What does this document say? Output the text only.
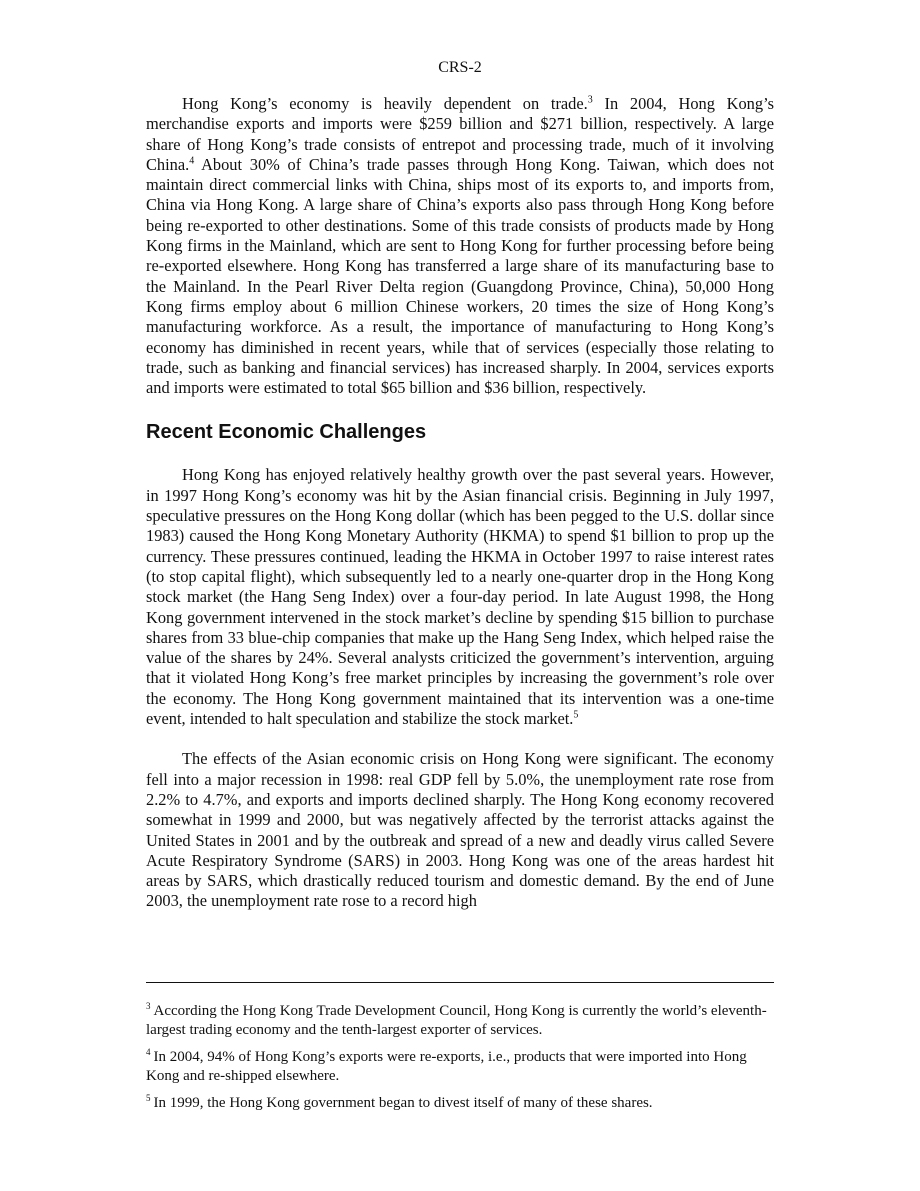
CRS-2

Hong Kong’s economy is heavily dependent on trade.$^3$ In 2004, Hong Kong’s merchandise exports and imports were $259 billion and $271 billion, respectively. A large share of Hong Kong’s trade consists of entrepot and processing trade, much of it involving China.$^4$ About 30% of China’s trade passes through Hong Kong. Taiwan, which does not maintain direct commercial links with China, ships most of its exports to, and imports from, China via Hong Kong. A large share of China’s exports also pass through Hong Kong before being re-exported to other destinations. Some of this trade consists of products made by Hong Kong firms in the Mainland, which are sent to Hong Kong for further processing before being re-exported elsewhere. Hong Kong has transferred a large share of its manufacturing base to the Mainland. In the Pearl River Delta region (Guangdong Province, China), 50,000 Hong Kong firms employ about 6 million Chinese workers, 20 times the size of Hong Kong’s manufacturing workforce. As a result, the importance of manufacturing to Hong Kong’s economy has diminished in recent years, while that of services (especially those relating to trade, such as banking and financial services) has increased sharply. In 2004, services exports and imports were estimated to total $65 billion and $36 billion, respectively.

Recent Economic Challenges

Hong Kong has enjoyed relatively healthy growth over the past several years. However, in 1997 Hong Kong’s economy was hit by the Asian financial crisis. Beginning in July 1997, speculative pressures on the Hong Kong dollar (which has been pegged to the U.S. dollar since 1983) caused the Hong Kong Monetary Authority (HKMA) to spend $1 billion to prop up the currency. These pressures continued, leading the HKMA in October 1997 to raise interest rates (to stop capital flight), which subsequently led to a nearly one-quarter drop in the Hong Kong stock market (the Hang Seng Index) over a four-day period. In late August 1998, the Hong Kong government intervened in the stock market’s decline by spending $15 billion to purchase shares from 33 blue-chip companies that make up the Hang Seng Index, which helped raise the value of the shares by 24%. Several analysts criticized the government’s intervention, arguing that it violated Hong Kong’s free market principles by increasing the government’s role over the economy. The Hong Kong government maintained that its intervention was a one-time event, intended to halt speculation and stabilize the stock market.$^5$

The effects of the Asian economic crisis on Hong Kong were significant. The economy fell into a major recession in 1998: real GDP fell by 5.0%, the unemployment rate rose from 2.2% to 4.7%, and exports and imports declined sharply. The Hong Kong economy recovered somewhat in 1999 and 2000, but was negatively affected by the terrorist attacks against the United States in 2001 and by the outbreak and spread of a new and deadly virus called Severe Acute Respiratory Syndrome (SARS) in 2003. Hong Kong was one of the areas hardest hit areas by SARS, which drastically reduced tourism and domestic demand. By the end of June 2003, the unemployment rate rose to a record high

$^3$ According the Hong Kong Trade Development Council, Hong Kong is currently the world’s eleventh-largest trading economy and the tenth-largest exporter of services.

$^4$ In 2004, 94% of Hong Kong’s exports were re-exports, i.e., products that were imported into Hong Kong and re-shipped elsewhere.

$^5$ In 1999, the Hong Kong government began to divest itself of many of these shares.
